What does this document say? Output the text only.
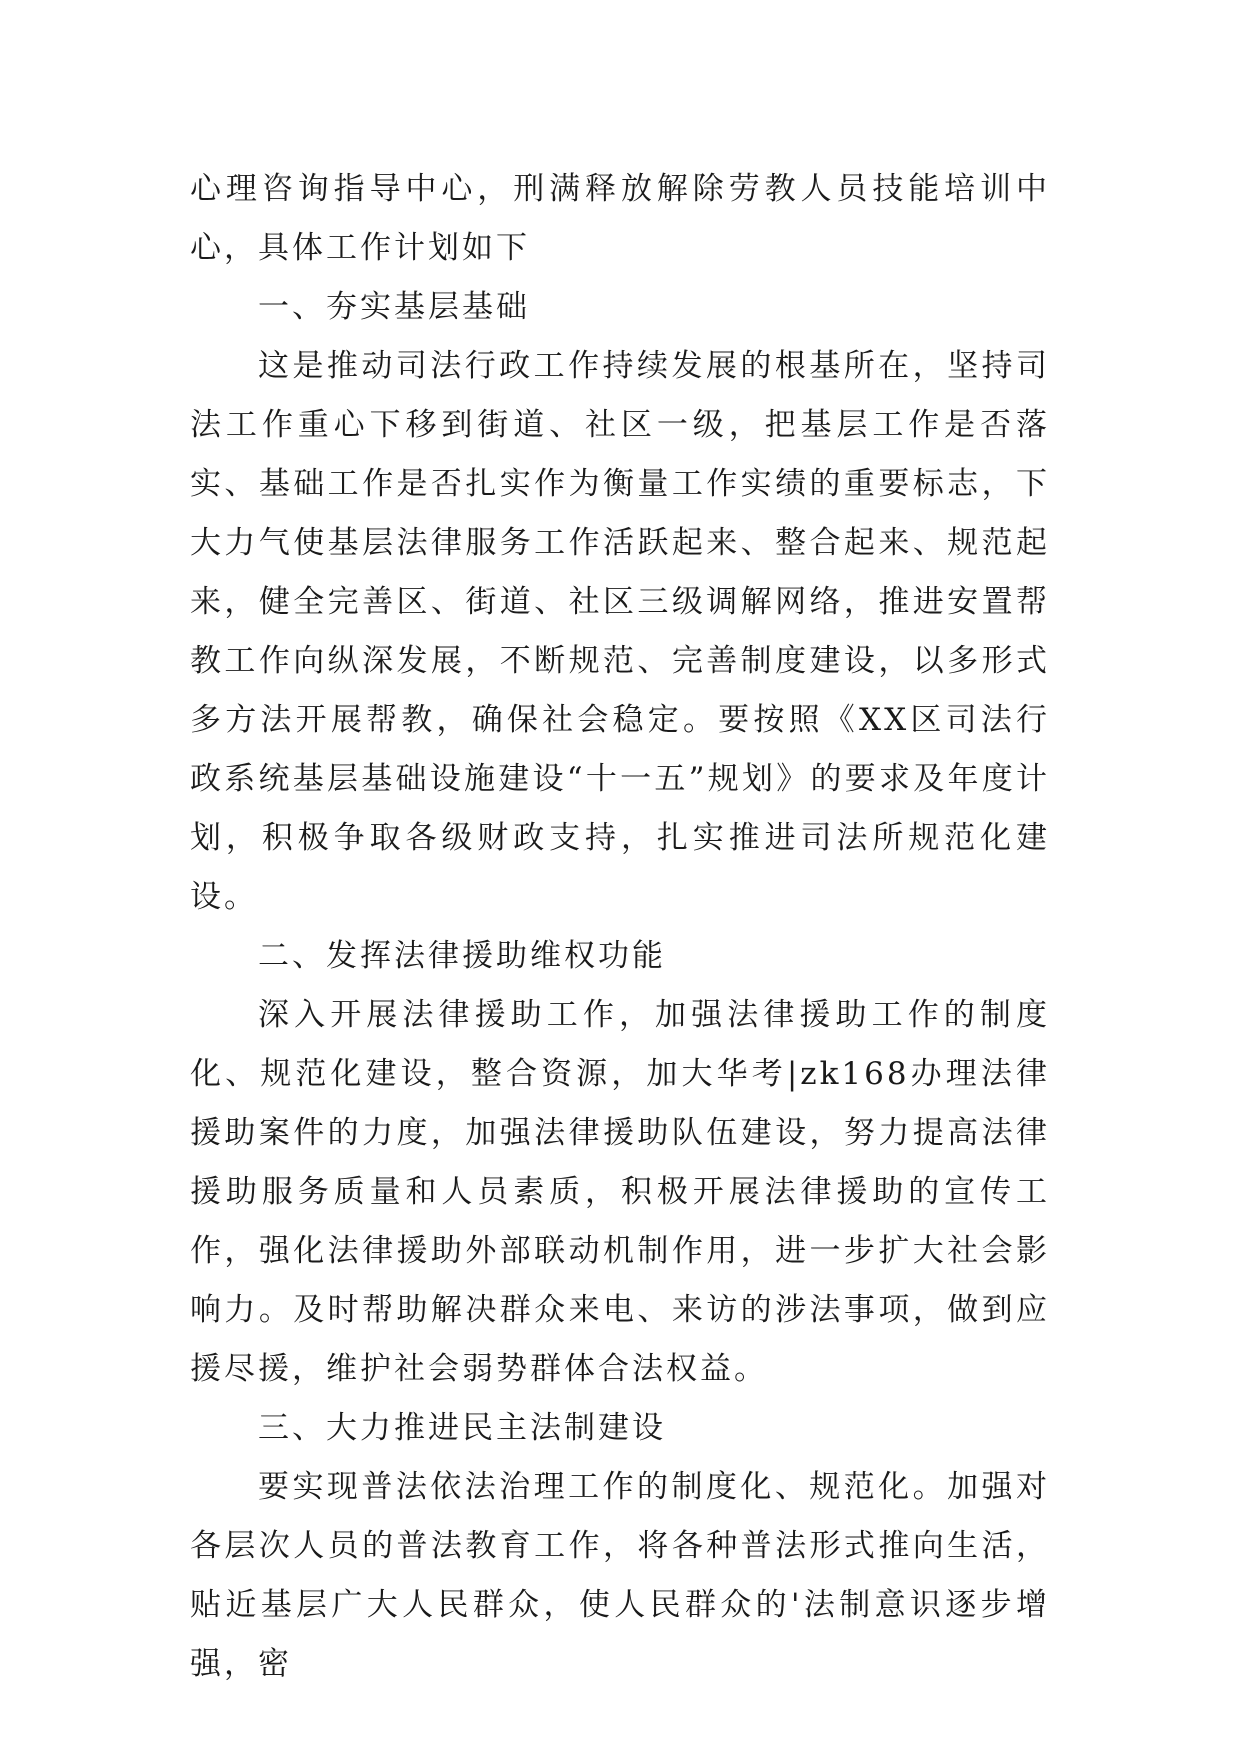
心理咨询指导中心，刑满释放解除劳教人员技能培训中心，具体工作计划如下

一、夯实基层基础

这是推动司法行政工作持续发展的根基所在，坚持司法工作重心下移到街道、社区一级，把基层工作是否落实、基础工作是否扎实作为衡量工作实绩的重要标志，下大力气使基层法律服务工作活跃起来、整合起来、规范起来，健全完善区、街道、社区三级调解网络，推进安置帮教工作向纵深发展，不断规范、完善制度建设，以多形式多方法开展帮教，确保社会稳定。要按照《XX区司法行政系统基层基础设施建设“十一五”规划》的要求及年度计划，积极争取各级财政支持，扎实推进司法所规范化建设。

二、发挥法律援助维权功能

深入开展法律援助工作，加强法律援助工作的制度化、规范化建设，整合资源，加大华考|zk168办理法律援助案件的力度，加强法律援助队伍建设，努力提高法律援助服务质量和人员素质，积极开展法律援助的宣传工作，强化法律援助外部联动机制作用，进一步扩大社会影响力。及时帮助解决群众来电、来访的涉法事项，做到应援尽援，维护社会弱势群体合法权益。

三、大力推进民主法制建设

要实现普法依法治理工作的制度化、规范化。加强对各层次人员的普法教育工作，将各种普法形式推向生活，贴近基层广大人民群众，使人民群众的'法制意识逐步增强，密
